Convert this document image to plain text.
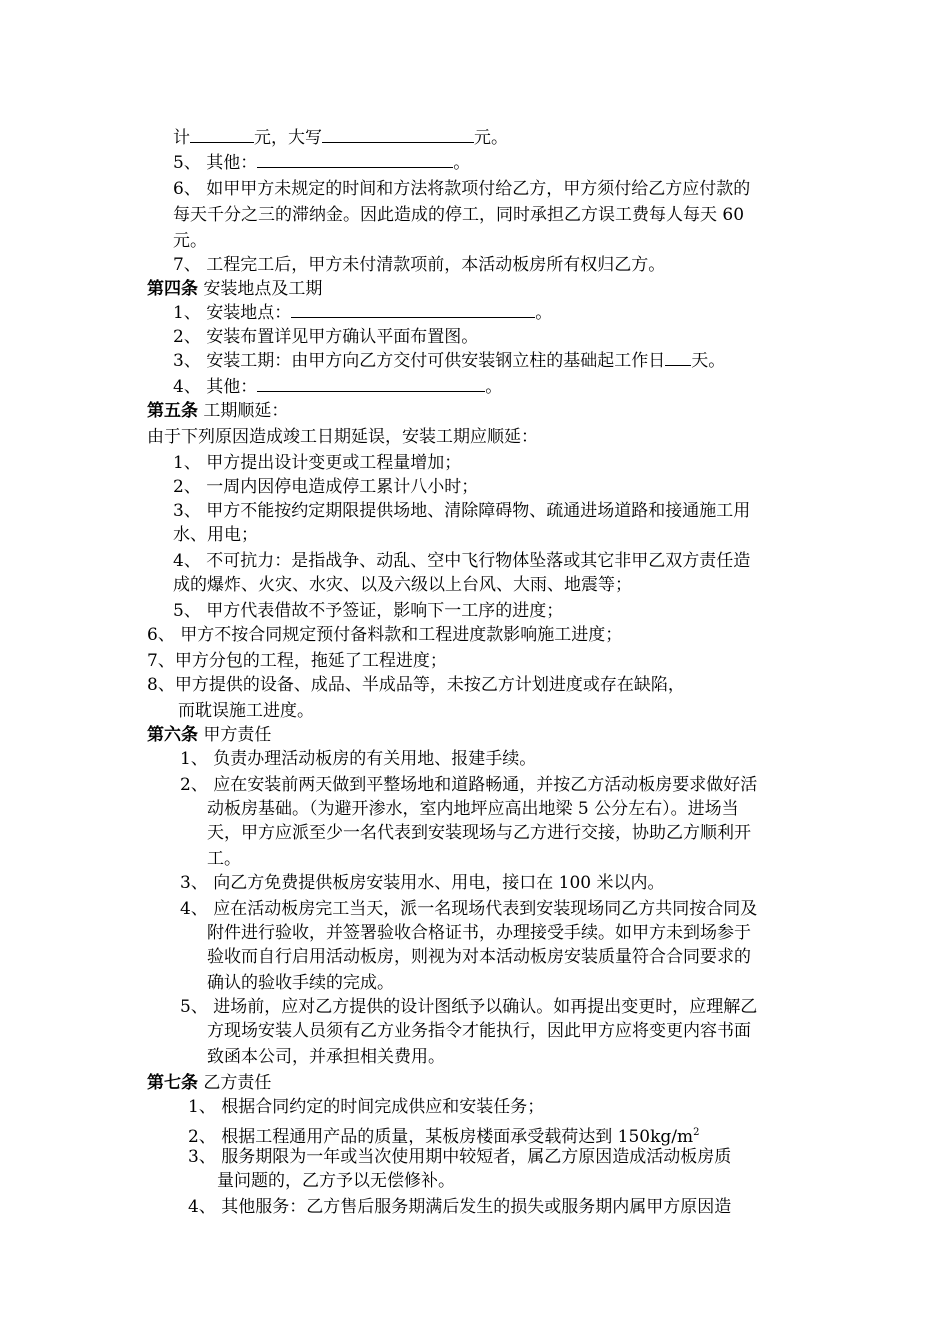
计	元，大写	元。
5、 其他：	。
6、 如甲甲方未规定的时间和方法将款项付给乙方，甲方须付给乙方应付款的
每天千分之三的滞纳金。因此造成的停工，同时承担乙方误工费每人每天 60
元。
7、 工程完工后，甲方未付清款项前，本活动板房所有权归乙方。
第四条 安装地点及工期
1、 安装地点：	。
2、 安装布置详见甲方确认平面布置图。
3、 安装工期：由甲方向乙方交付可供安装钢立柱的基础起工作日 天。
4、 其他：	。
第五条 工期顺延：
由于下列原因造成竣工日期延误，安装工期应顺延：
1、 甲方提出设计变更或工程量增加；
2、 一周内因停电造成停工累计八小时；
3、 甲方不能按约定期限提供场地、清除障碍物、疏通进场道路和接通施工用
水、用电；
4、 不可抗力：是指战争、动乱、空中飞行物体坠落或其它非甲乙双方责任造
成的爆炸、火灾、水灾、以及六级以上台风、大雨、地震等；
5、 甲方代表借故不予签证，影响下一工序的进度；
6、 甲方不按合同规定预付备料款和工程进度款影响施工进度；
7、甲方分包的工程，拖延了工程进度；
8、甲方提供的设备、成品、半成品等，未按乙方计划进度或存在缺陷，
而耽误施工进度。
第六条 甲方责任
1、 负责办理活动板房的有关用地、报建手续。
2、 应在安装前两天做到平整场地和道路畅通，并按乙方活动板房要求做好活
动板房基础。（为避开渗水，室内地坪应高出地梁 5 公分左右）。进场当
天，甲方应派至少一名代表到安装现场与乙方进行交接，协助乙方顺利开
工。
3、 向乙方免费提供板房安装用水、用电，接口在 100 米以内。
4、 应在活动板房完工当天，派一名现场代表到安装现场同乙方共同按合同及
附件进行验收，并签署验收合格证书，办理接受手续。如甲方未到场参于
验收而自行启用活动板房，则视为对本活动板房安装质量符合合同要求的
确认的验收手续的完成。
5、 进场前，应对乙方提供的设计图纸予以确认。如再提出变更时，应理解乙
方现场安装人员须有乙方业务指令才能执行，因此甲方应将变更内容书面
致函本公司，并承担相关费用。
第七条 乙方责任
1、 根据合同约定的时间完成供应和安装任务；
2、 根据工程通用产品的质量，某板房楼面承受载荷达到 $150kg/m^2$
3、 服务期限为一年或当次使用期中较短者，属乙方原因造成活动板房质
量问题的，乙方予以无偿修补。
4、 其他服务：乙方售后服务期满后发生的损失或服务期内属甲方原因造
